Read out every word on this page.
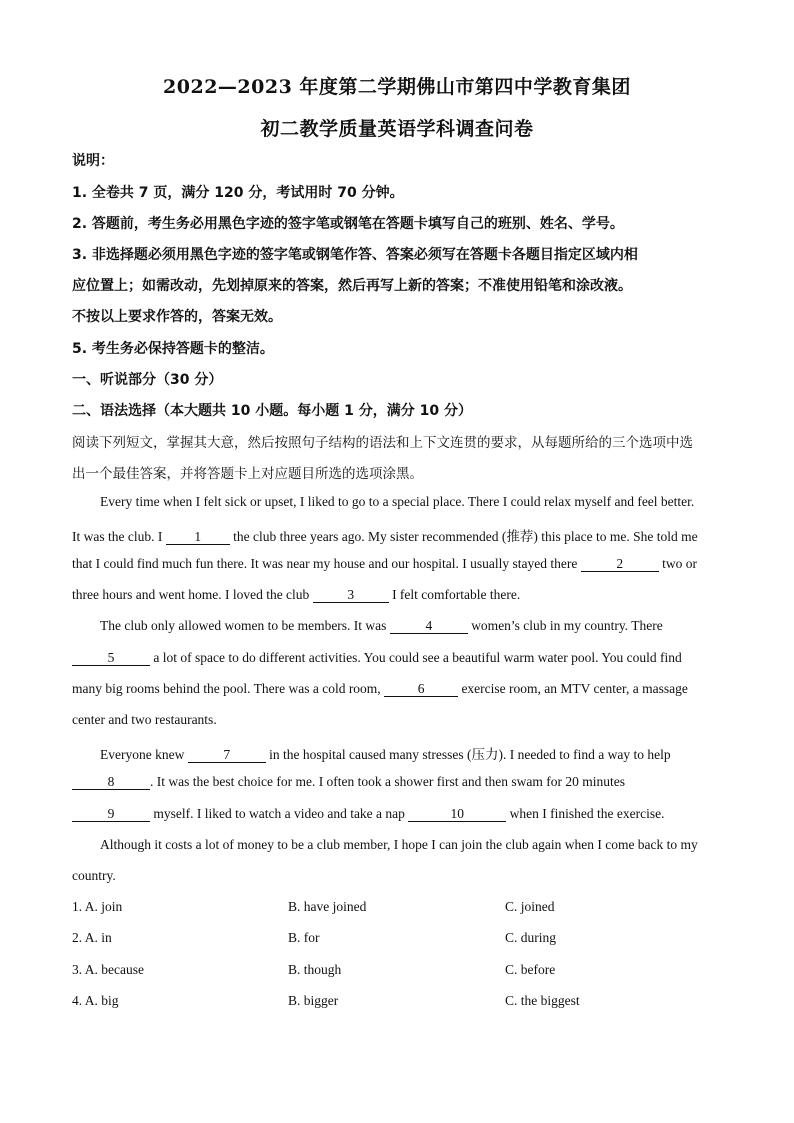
2022—2023 年度第二学期佛山市第四中学教育集团
初二教学质量英语学科调查问卷
说明：
1. 全卷共 7 页，满分 120 分，考试用时 70 分钟。
2. 答题前，考生务必用黑色字迹的签字笔或钢笔在答题卡填写自己的班别、姓名、学号。
3. 非选择题必须用黑色字迹的签字笔或钢笔作答、答案必须写在答题卡各题目指定区域内相
应位置上；如需改动，先划掉原来的答案，然后再写上新的答案；不准使用铅笔和涂改液。
不按以上要求作答的，答案无效。
5. 考生务必保持答题卡的整洁。
一、听说部分（30 分）
二、语法选择（本大题共 10 小题。每小题 1 分，满分 10 分）
阅读下列短文，掌握其大意，然后按照句子结构的语法和上下文连贯的要求，从每题所给的三个选项中选
出一个最佳答案，并将答题卡上对应题目所选的选项涂黑。
Every time when I felt sick or upset, I liked to go to a special place. There I could relax myself and feel better.
It was the club. I 1 the club three years ago. My sister recommended (推荐) this place to me. She told me
that I could find much fun there. It was near my house and our hospital. I usually stayed there	2	two or
three hours and went home. I loved the club	3	I felt comfortable there.
The club only allowed women to be members. It was	4	women’s club in my country. There
5	a lot of space to do different activities. You could see a beautiful warm water pool. You could find
many big rooms behind the pool. There was a cold room, 6 exercise room, an MTV center, a massage
center and two restaurants.
Everyone knew	7	in the hospital caused many stresses (压力). I needed to find a way to help
8	. It was the best choice for me. I often took a shower first and then swam for 20 minutes
9	myself. I liked to watch a video and take a nap	10	when I finished the exercise.
Although it costs a lot of money to be a club member, I hope I can join the club again when I come back to my
country.
1. A. join	B. have joined	C. joined
2. A. in	B. for	C. during
3. A. because	B. though	C. before
4. A. big	B. bigger	C. the biggest
